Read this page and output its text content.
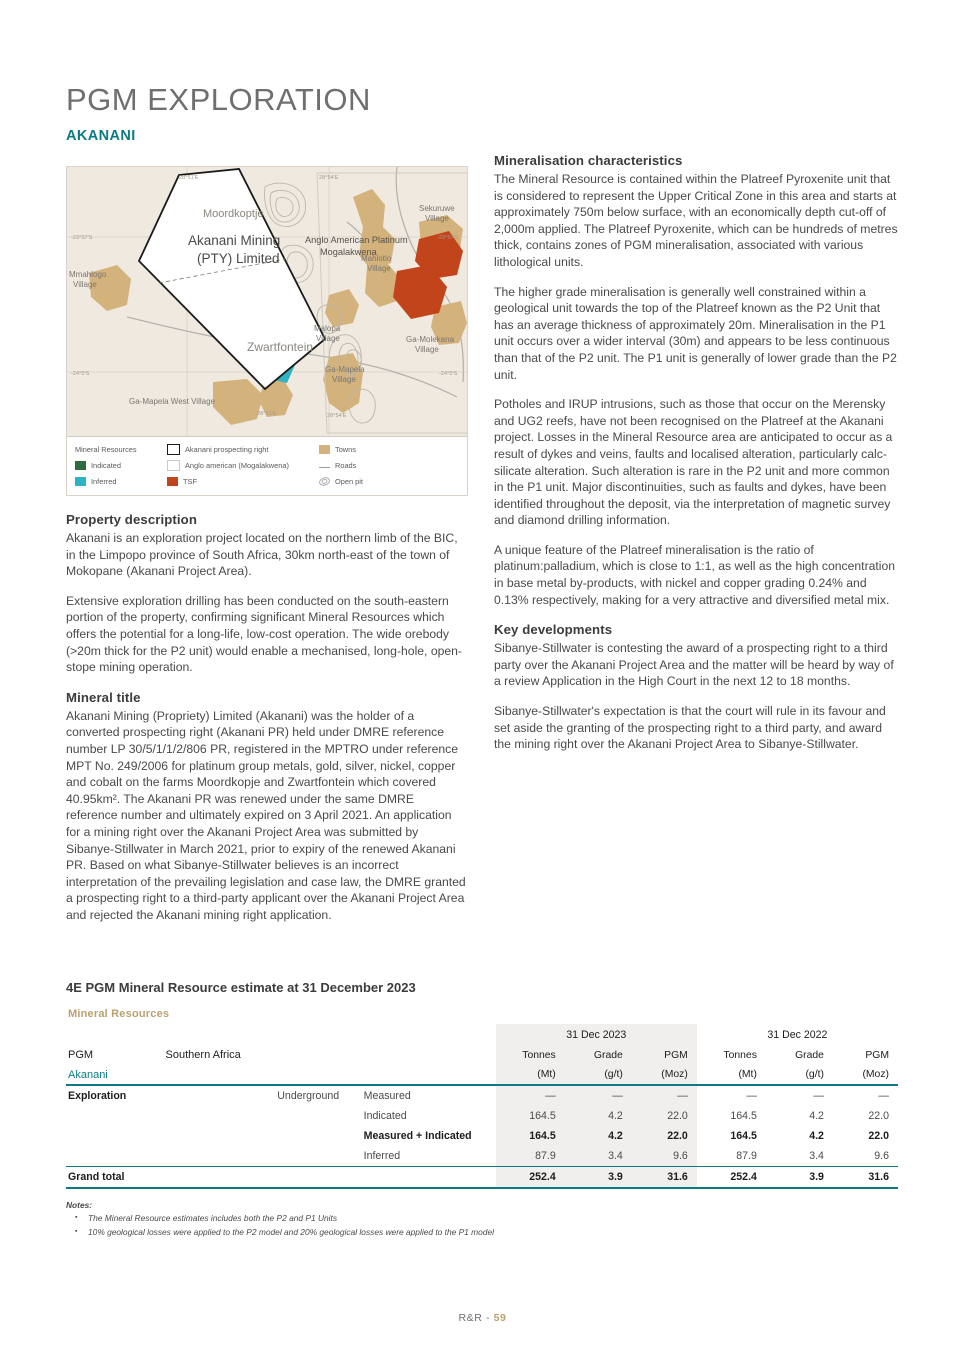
PGM EXPLORATION
AKANANI
28°51'E	28°54'E
-23°57'S	-23°57'S
-24°0'S	-24°0'S
28°51'E	28°54'E
Moordkoptje
Akanani Mining
(PTY) Limited
Zwartfontein
Anglo American Platinum
Mogalakwena
Sekuruwe
Village
Mahlotlo
Village
Mmahlogo
Village
Malopa
Village	Ga-Molekana
Village
Ga-Mapela
Village
Ga-Mapela West Village
Mineral Resources
Indicated
Inferred
Akanani prospecting right
Anglo american (Mogalakwena)
TSF
Towns
Roads
Open pit
Property description

Akanani is an exploration project located on the northern limb of the BIC, in the Limpopo province of South Africa, 30km north-east of the town of Mokopane (Akanani Project Area).

Extensive exploration drilling has been conducted on the south-eastern portion of the property, confirming significant Mineral Resources which offers the potential for a long-life, low-cost operation. The wide orebody (>20m thick for the P2 unit) would enable a mechanised, long-hole, open-stope mining operation.

Mineral title

Akanani Mining (Propriety) Limited (Akanani) was the holder of a converted prospecting right (Akanani PR) held under DMRE reference number LP 30/5/1/1/2/806 PR, registered in the MPTRO under reference MPT No. 249/2006 for platinum group metals, gold, silver, nickel, copper and cobalt on the farms Moordkopje and Zwartfontein which covered 40.95km². The Akanani PR was renewed under the same DMRE reference number and ultimately expired on 3 April 2021. An application for a mining right over the Akanani Project Area was submitted by Sibanye-Stillwater in March 2021, prior to expiry of the renewed Akanani PR. Based on what Sibanye-Stillwater believes is an incorrect interpretation of the prevailing legislation and case law, the DMRE granted a prospecting right to a third-party applicant over the Akanani Project Area and rejected the Akanani mining right application.

Mineralisation characteristics

The Mineral Resource is contained within the Platreef Pyroxenite unit that is considered to represent the Upper Critical Zone in this area and starts at approximately 750m below surface, with an economically depth cut-off of 2,000m applied. The Platreef Pyroxenite, which can be hundreds of metres thick, contains zones of PGM mineralisation, associated with various lithological units.

The higher grade mineralisation is generally well constrained within a geological unit towards the top of the Platreef known as the P2 Unit that has an average thickness of approximately 20m. Mineralisation in the P1 unit occurs over a wider interval (30m) and appears to be less continuous than that of the P2 unit. The P1 unit is generally of lower grade than the P2 unit.

Potholes and IRUP intrusions, such as those that occur on the Merensky and UG2 reefs, have not been recognised on the Platreef at the Akanani project. Losses in the Mineral Resource area are anticipated to occur as a result of dykes and veins, faults and localised alteration, particularly calc-silicate alteration. Such alteration is rare in the P2 unit and more common in the P1 unit. Major discontinuities, such as faults and dykes, have been identified throughout the deposit, via the interpretation of magnetic survey and diamond drilling information.

A unique feature of the Platreef mineralisation is the ratio of platinum:palladium, which is close to 1:1, as well as the high concentration in base metal by-products, with nickel and copper grading 0.24% and 0.13% respectively, making for a very attractive and diversified metal mix.

Key developments

Sibanye-Stillwater is contesting the award of a prospecting right to a third party over the Akanani Project Area and the matter will be heard by way of a review Application in the High Court in the next 12 to 18 months.

Sibanye-Stillwater's expectation is that the court will rule in its favour and set aside the granting of the prospecting right to a third party, and award the mining right over the Akanani Project Area to Sibanye-Stillwater.

4E PGM Mineral Resource estimate at 31 December 2023
Mineral Resources
				31 Dec 2023			31 Dec 2022		
PGM	Southern Africa			Tonnes	Grade	PGM	Tonnes	Grade	PGM
Akanani				(Mt)	(g/t)	(Moz)	(Mt)	(g/t)	(Moz)
Exploration		Underground	Measured	—	—	—	—	—	—
			Indicated	164.5	4.2	22.0	164.5	4.2	22.0
			Measured + Indicated	164.5	4.2	22.0	164.5	4.2	22.0
			Inferred	87.9	3.4	9.6	87.9	3.4	9.6
Grand total				252.4	3.9	31.6	252.4	3.9	31.6
Notes:
▪ The Mineral Resource estimates includes both the P2 and P1 Units
▪ 10% geological losses were applied to the P2 model and 20% geological losses were applied to the P1 model
R&R - 59
